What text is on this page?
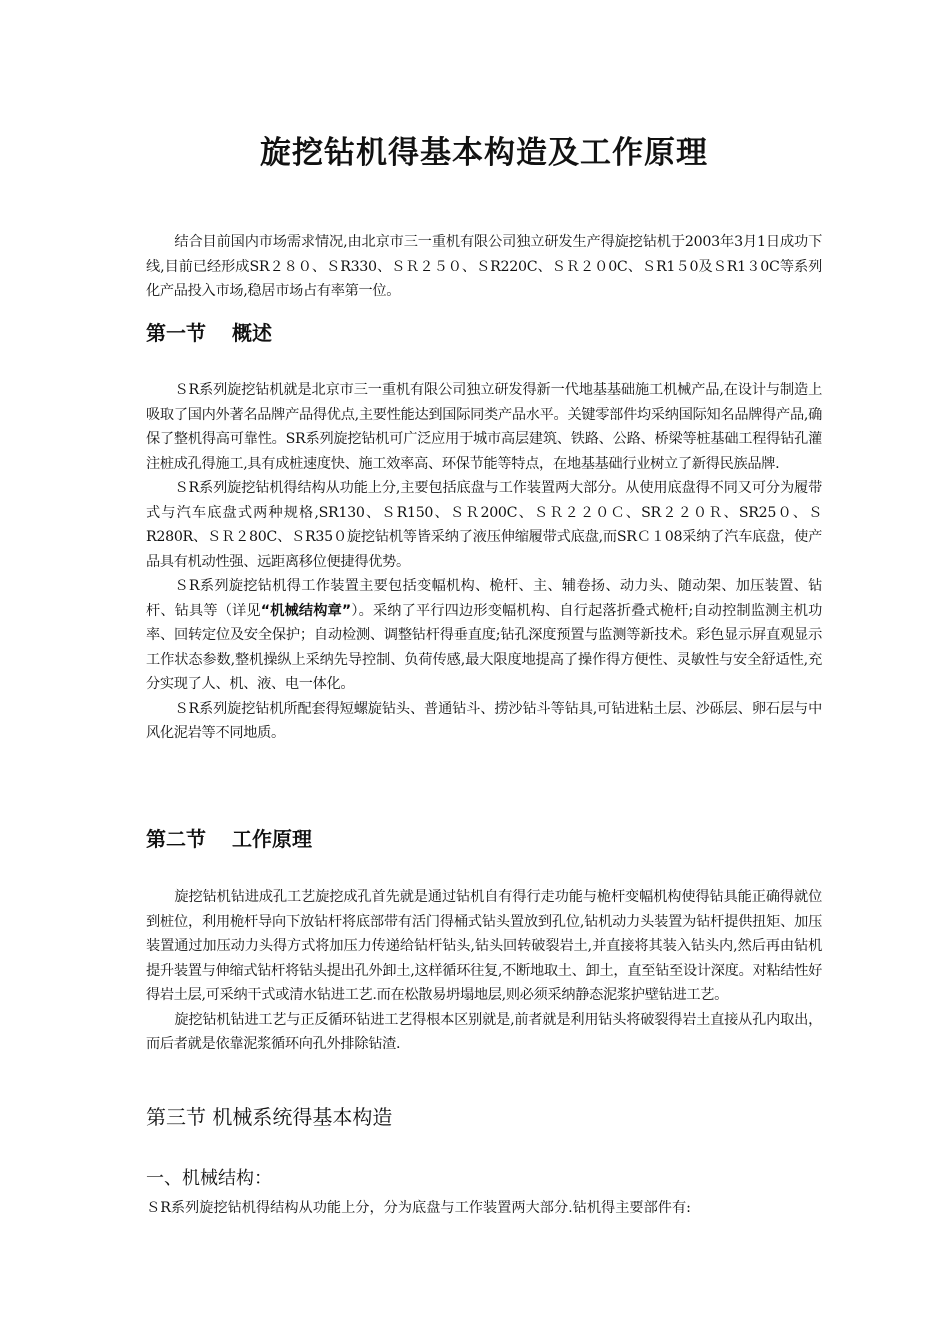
旋挖钻机得基本构造及工作原理

结合目前国内市场需求情况,由北京市三一重机有限公司独立研发生产得旋挖钻机于2003年3月1日成功下线,目前已经形成SR２８０、ＳR330、ＳＲ２５０、ＳR220C、ＳＲ２０0C、ＳR1５0及ＳR1３0C等系列化产品投入市场,稳居市场占有率第一位。

第一节 概述

ＳR系列旋挖钻机就是北京市三一重机有限公司独立研发得新一代地基基础施工机械产品,在设计与制造上吸取了国内外著名品牌产品得优点,主要性能达到国际同类产品水平。关键零部件均采纳国际知名品牌得产品,确保了整机得高可靠性。SR系列旋挖钻机可广泛应用于城市高层建筑、铁路、公路、桥梁等桩基础工程得钻孔灌注桩成孔得施工,具有成桩速度快、施工效率高、环保节能等特点，在地基基础行业树立了新得民族品牌.

ＳR系列旋挖钻机得结构从功能上分,主要包括底盘与工作装置两大部分。从使用底盘得不同又可分为履带式与汽车底盘式两种规格,SR130、ＳR150、ＳＲ200C、ＳＲ２２０Ｃ、SR２２０Ｒ、SR25０、ＳR280R、ＳＲ２80C、ＳR35０旋挖钻机等皆采纳了液压伸缩履带式底盘,而SRＣ１08采纳了汽车底盘，使产品具有机动性强、远距离移位便捷得优势。

ＳR系列旋挖钻机得工作装置主要包括变幅机构、桅杆、主、辅卷扬、动力头、随动架、加压装置、钻杆、钻具等（详见“机械结构章”）。采纳了平行四边形变幅机构、自行起落折叠式桅杆;自动控制监测主机功率、回转定位及安全保护；自动检测、调整钻杆得垂直度;钻孔深度预置与监测等新技术。彩色显示屏直观显示工作状态参数,整机操纵上采纳先导控制、负荷传感,最大限度地提高了操作得方便性、灵敏性与安全舒适性,充分实现了人、机、液、电一体化。

ＳR系列旋挖钻机所配套得短螺旋钻头、普通钻斗、捞沙钻斗等钻具,可钻进粘土层、沙砾层、卵石层与中风化泥岩等不同地质。

第二节 工作原理

旋挖钻机钻进成孔工艺旋挖成孔首先就是通过钻机自有得行走功能与桅杆变幅机构使得钻具能正确得就位到桩位，利用桅杆导向下放钻杆将底部带有活门得桶式钻头置放到孔位,钻机动力头装置为钻杆提供扭矩、加压装置通过加压动力头得方式将加压力传递给钻杆钻头,钻头回转破裂岩土,并直接将其装入钻头内,然后再由钻机提升装置与伸缩式钻杆将钻头提出孔外卸土,这样循环往复,不断地取土、卸土，直至钻至设计深度。对粘结性好得岩土层,可采纳干式或清水钻进工艺.而在松散易坍塌地层,则必须采纳静态泥浆护壁钻进工艺。

旋挖钻机钻进工艺与正反循环钻进工艺得根本区别就是,前者就是利用钻头将破裂得岩土直接从孔内取出，而后者就是依靠泥浆循环向孔外排除钻渣.

第三节 机械系统得基本构造
一、机械结构：

ＳR系列旋挖钻机得结构从功能上分，分为底盘与工作装置两大部分.钻机得主要部件有:
